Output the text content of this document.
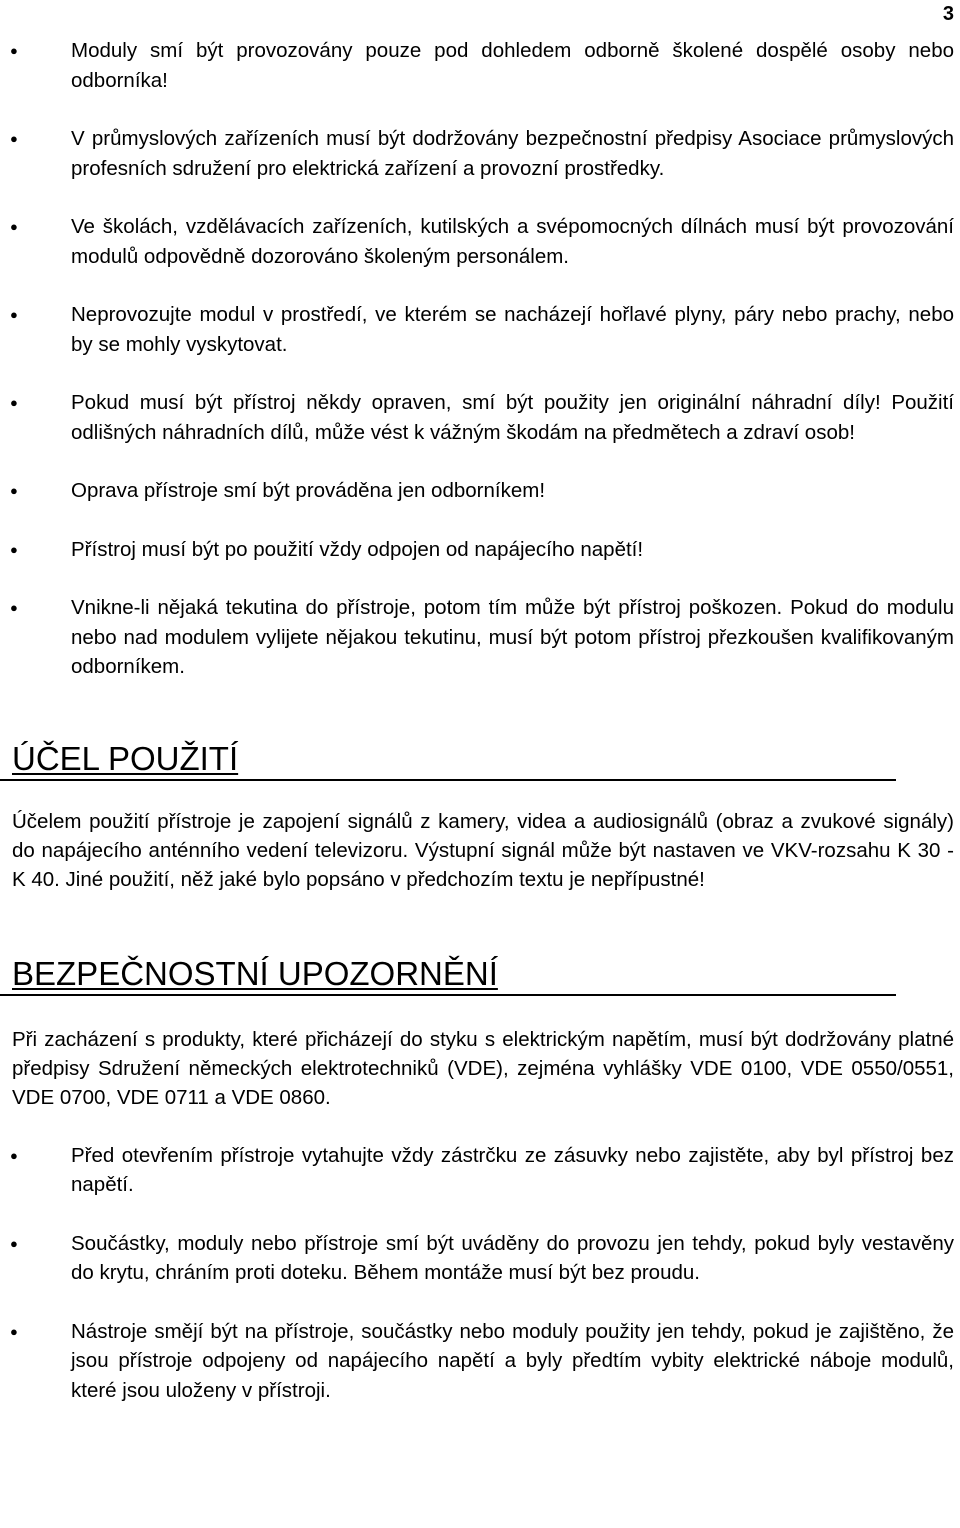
3
●	Moduly smí být provozovány pouze pod dohledem odborně školené dospělé osoby nebo odborníka!
●	V průmyslových zařízeních musí být dodržovány bezpečnostní předpisy Asociace průmyslových profesních sdružení pro elektrická zařízení a provozní prostředky.
●	Ve školách, vzdělávacích zařízeních, kutilských a svépomocných dílnách musí být provozování modulů odpovědně dozorováno školeným personálem.
●	Neprovozujte modul v prostředí, ve kterém se nacházejí hořlavé plyny, páry nebo prachy, nebo by se mohly vyskytovat.
●	Pokud musí být přístroj někdy opraven, smí být použity jen originální náhradní díly! Použití odlišných náhradních dílů, může vést k vážným škodám na předmětech a zdraví osob!
●	Oprava přístroje smí být prováděna jen odborníkem!
●	Přístroj musí být po použití vždy odpojen od napájecího napětí!
●	Vnikne-li nějaká tekutina do přístroje, potom tím může být přístroj poškozen. Pokud do modulu nebo nad modulem vylijete nějakou tekutinu, musí být potom přístroj přezkoušen kvalifikovaným odborníkem.
ÚČEL POUŽITÍ

Účelem použití přístroje je zapojení signálů z kamery, videa a audiosignálů (obraz a zvukové signály) do napájecího anténního vedení televizoru. Výstupní signál může být nastaven ve VKV-rozsahu K 30 - K 40. Jiné použití, něž jaké bylo popsáno v předchozím textu je nepřípustné!

BEZPEČNOSTNÍ UPOZORNĚNÍ

Při zacházení s produkty, které přicházejí do styku s elektrickým napětím, musí být dodržovány platné předpisy Sdružení německých elektrotechniků (VDE), zejména vyhlášky VDE 0100, VDE 0550/0551, VDE 0700, VDE 0711 a VDE 0860.

●	Před otevřením přístroje vytahujte vždy zástrčku ze zásuvky nebo zajistěte, aby byl přístroj bez napětí.
●	Součástky, moduly nebo přístroje smí být uváděny do provozu jen tehdy, pokud byly vestavěny do krytu, chráním proti doteku. Během montáže musí být bez proudu.
●	Nástroje smějí být na přístroje, součástky nebo moduly použity jen tehdy, pokud je zajištěno, že jsou přístroje odpojeny od napájecího napětí a byly předtím vybity elektrické náboje modulů, které jsou uloženy v přístroji.
